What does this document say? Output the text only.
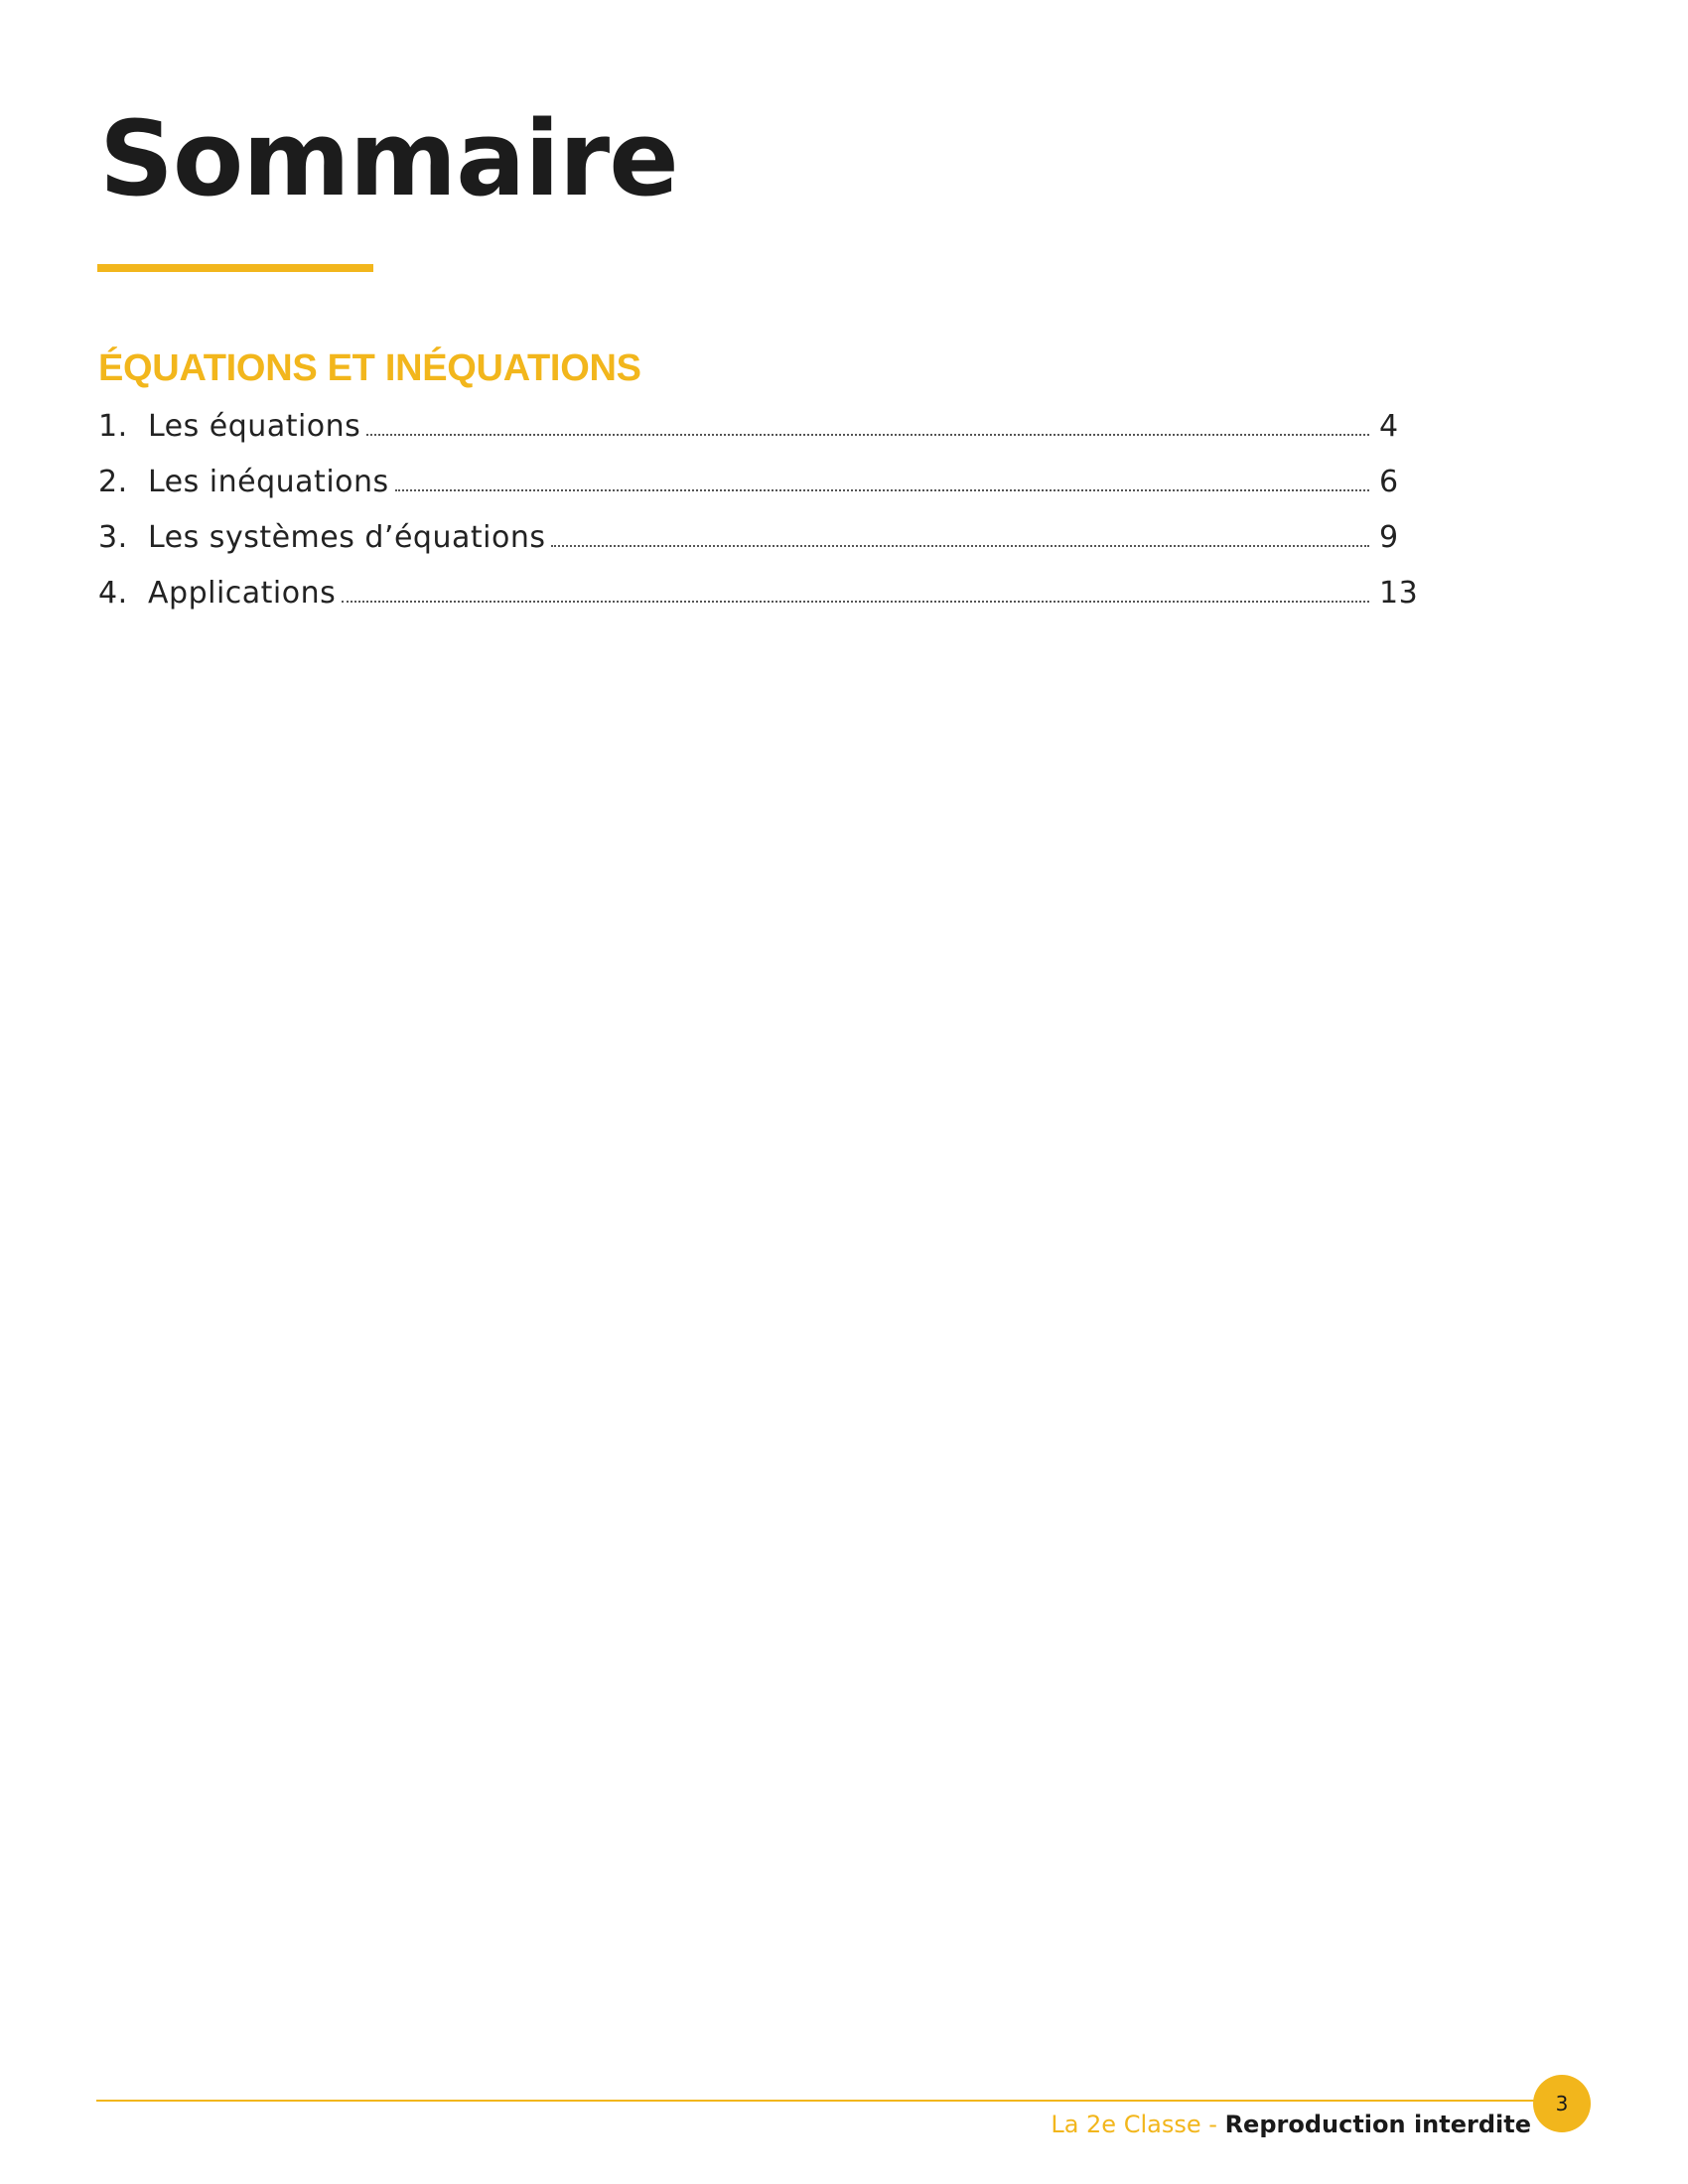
Sommaire
ÉQUATIONS ET INÉQUATIONS
1. Les équations	4
2. Les inéquations	6
3. Les systèmes d’équations	9
4. Applications	13
La 2e Classe - Reproduction interdite
3
